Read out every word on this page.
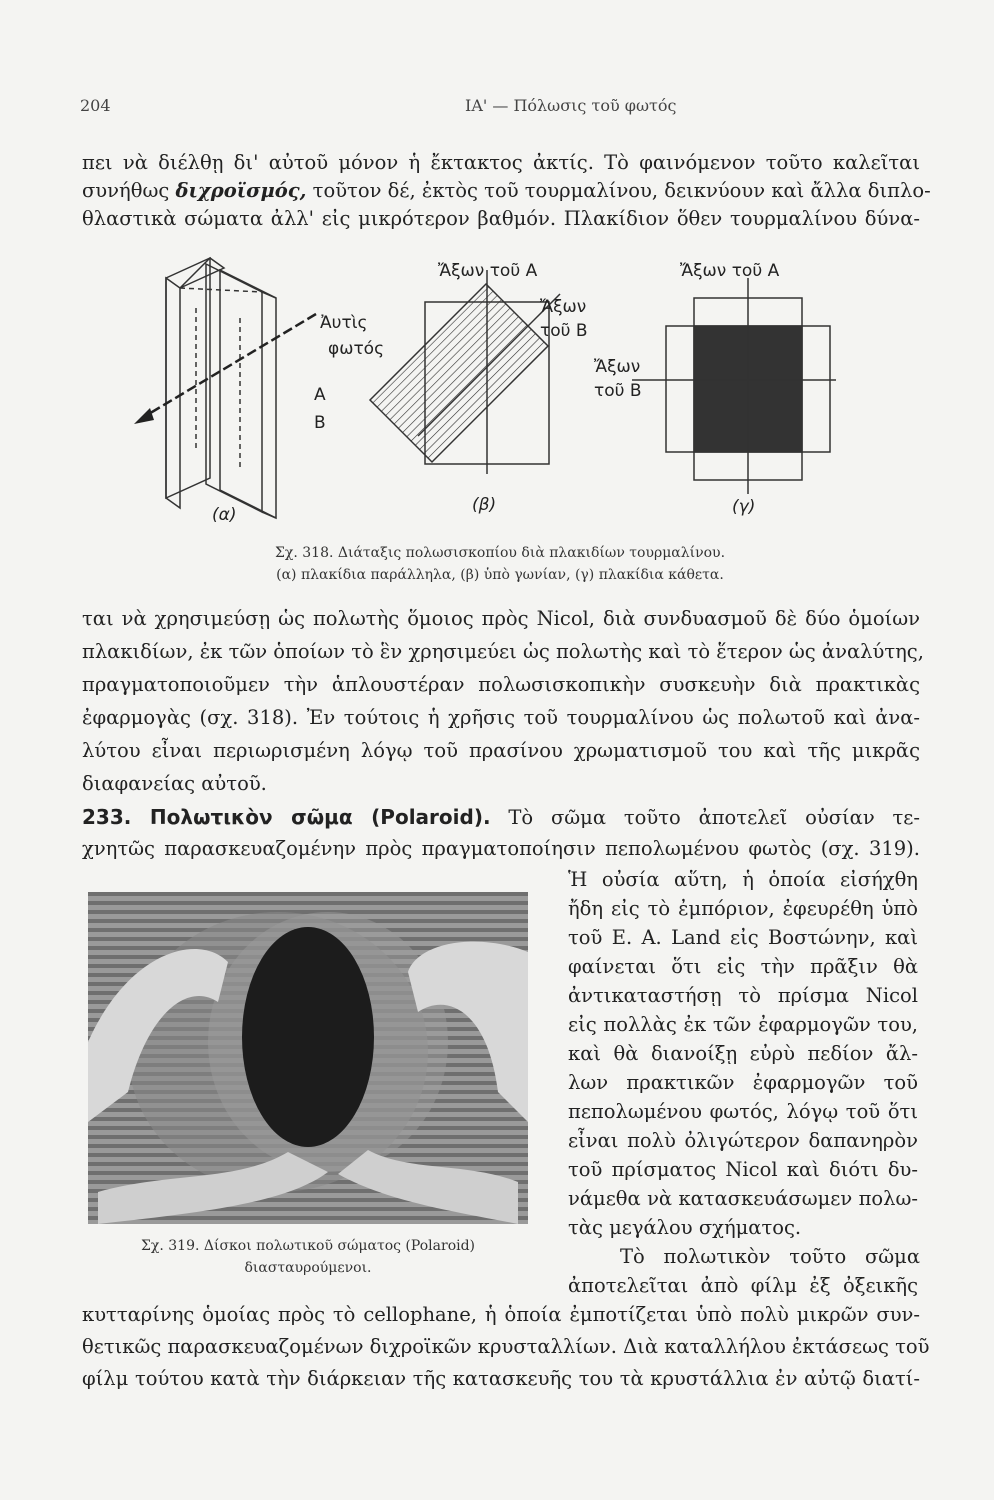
204	ΙΑ' — Πόλωσις τοῦ φωτός
πει νὰ διέλθῃ δι' αὐτοῦ μόνον ἡ ἔκτακτος ἀκτίς. Τὸ φαινόμενον τοῦτο καλεῖται
συνήθως διχροϊσμός, τοῦτον δέ, ἐκτὸς τοῦ τουρμαλίνου, δεικνύουν καὶ ἄλλα διπλο-
θλαστικὰ σώματα ἀλλ' εἰς μικρότερον βαθμόν. Πλακίδιον ὅθεν τουρμαλίνου δύνα-
Ἀυτὶς
φωτός
A
B
(α)
Ἄξων τοῦ A
Ἄξων
τοῦ B
Ἄξων
τοῦ B
(β)
Ἄξων τοῦ A
(γ)
Σχ. 318. Διάταξις πολωσισκοπίου διὰ πλακιδίων τουρμαλίνου.
(α) πλακίδια παράλληλα, (β) ὑπὸ γωνίαν, (γ) πλακίδια κάθετα.
ται νὰ χρησιμεύσῃ ὡς πολωτὴς ὅμοιος πρὸς Nicol, διὰ συνδυασμοῦ δὲ δύο ὁμοίων
πλακιδίων, ἐκ τῶν ὁποίων τὸ ἓν χρησιμεύει ὡς πολωτὴς καὶ τὸ ἕτερον ὡς ἀναλύτης,
πραγματοποιοῦμεν τὴν ἁπλουστέραν πολωσισκοπικὴν συσκευὴν διὰ πρακτικὰς
ἐφαρμογὰς (σχ. 318). Ἐν τούτοις ἡ χρῆσις τοῦ τουρμαλίνου ὡς πολωτοῦ καὶ ἀνα-
λύτου εἶναι περιωρισμένη λόγῳ τοῦ πρασίνου χρωματισμοῦ του καὶ τῆς μικρᾶς
διαφανείας αὐτοῦ.
233. Πολωτικὸν σῶμα (Polaroid). Τὸ σῶμα τοῦτο ἀποτελεῖ οὐσίαν τε-
χνητῶς παρασκευαζομένην πρὸς πραγματοποίησιν πεπολωμένου φωτὸς (σχ. 319).
Ἡ οὐσία αὕτη, ἡ ὁποία εἰσήχθη
ἤδη εἰς τὸ ἐμπόριον, ἐφευρέθη ὑπὸ
τοῦ E. A. Land εἰς Βοστώνην, καὶ
φαίνεται ὅτι εἰς τὴν πρᾶξιν θὰ
ἀντικαταστήσῃ τὸ πρίσμα Nicol
εἰς πολλὰς ἐκ τῶν ἐφαρμογῶν του,
καὶ θὰ διανοίξῃ εὐρὺ πεδίον ἄλ-
λων πρακτικῶν ἐφαρμογῶν τοῦ
πεπολωμένου φωτός, λόγῳ τοῦ ὅτι
εἶναι πολὺ ὀλιγώτερον δαπανηρὸν
τοῦ πρίσματος Nicol καὶ διότι δυ-
νάμεθα νὰ κατασκευάσωμεν πολω-
τὰς μεγάλου σχήματος.
Τὸ πολωτικὸν τοῦτο σῶμα
ἀποτελεῖται ἀπὸ φίλμ ἐξ ὀξεικῆς
Σχ. 319. Δίσκοι πολωτικοῦ σώματος (Polaroid)
διασταυρούμενοι.
κυτταρίνης ὁμοίας πρὸς τὸ cellophane, ἡ ὁποία ἐμποτίζεται ὑπὸ πολὺ μικρῶν συν-
θετικῶς παρασκευαζομένων διχροϊκῶν κρυσταλλίων. Διὰ καταλλήλου ἐκτάσεως τοῦ
φίλμ τούτου κατὰ τὴν διάρκειαν τῆς κατασκευῆς του τὰ κρυστάλλια ἐν αὐτῷ διατί-
